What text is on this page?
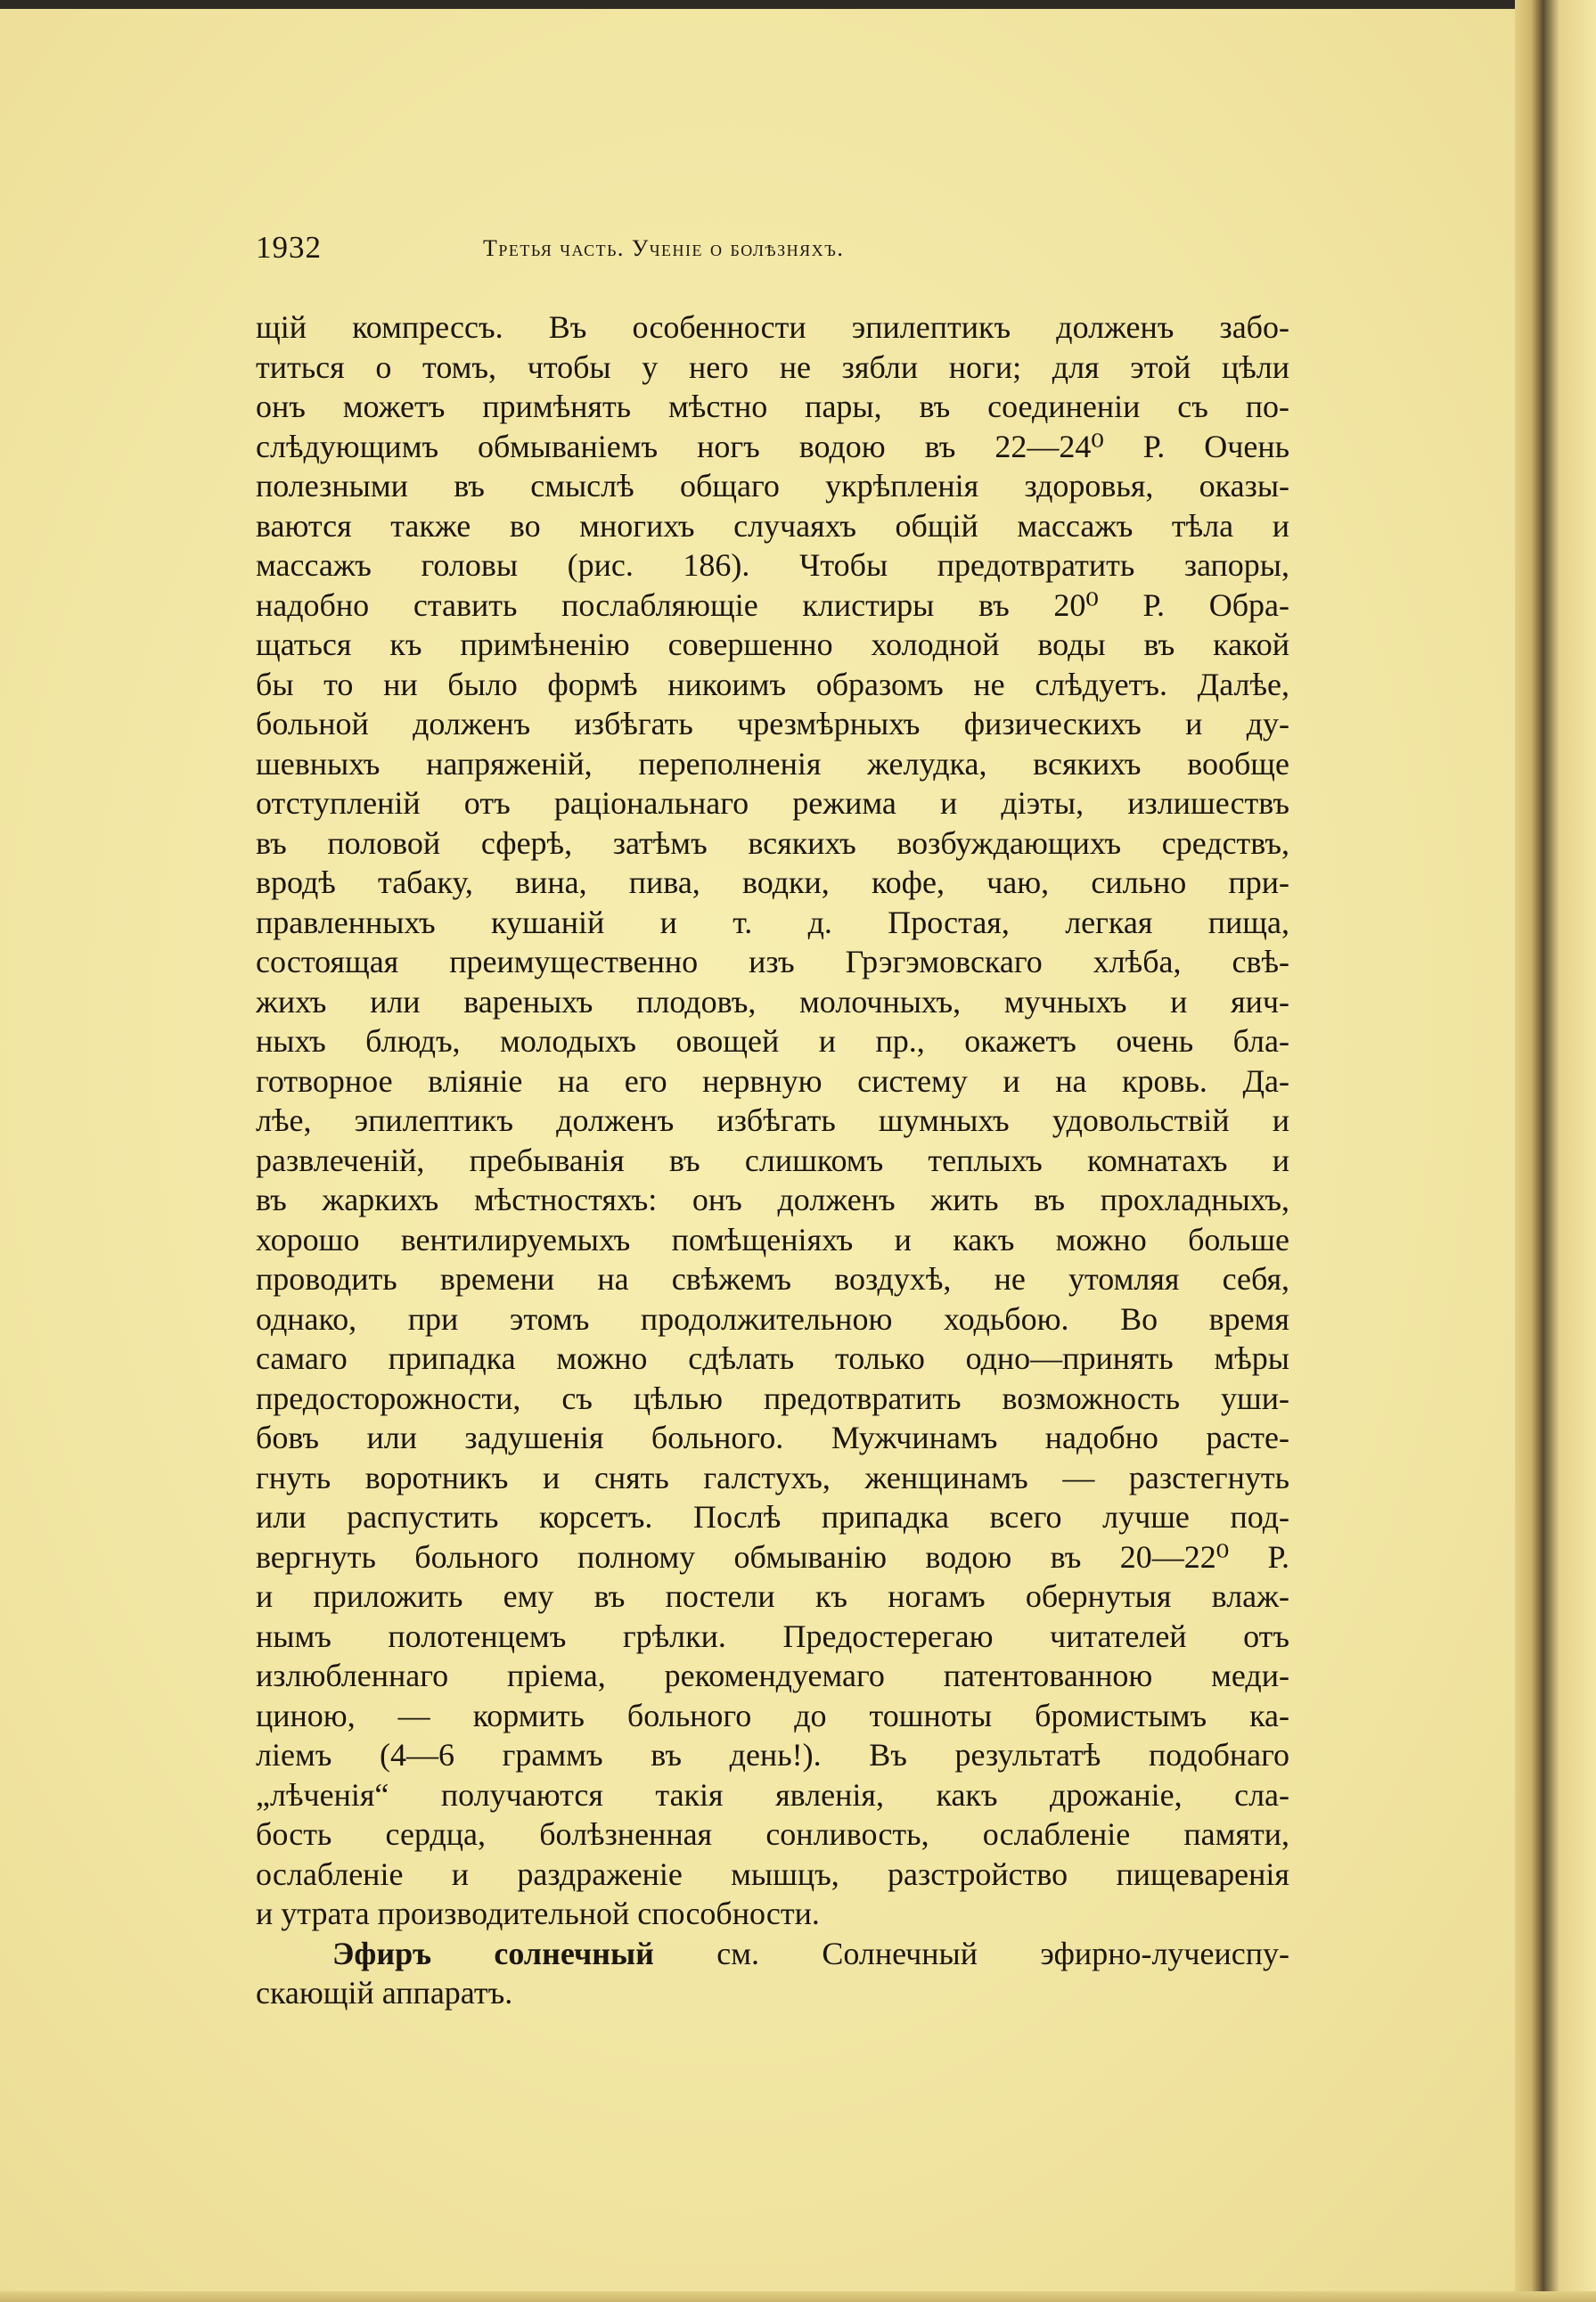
1932	Третья часть. Ученіе о болѣзняхъ.
щій компрессъ. Въ особенности эпилептикъ долженъ забо-
титься о томъ, чтобы у него не зябли ноги; для этой цѣли
онъ можетъ примѣнять мѣстно пары, въ соединеніи съ по-
слѣдующимъ обмываніемъ ногъ водою въ 22—24⁰ Р. Очень
полезными въ смыслѣ общаго укрѣпленія здоровья, оказы-
ваются также во многихъ случаяхъ общій массажъ тѣла и
массажъ головы (рис. 186). Чтобы предотвратить запоры,
надобно ставить послабляющіе клистиры въ 20⁰ Р. Обра-
щаться къ примѣненію совершенно холодной воды въ какой
бы то ни было формѣ никоимъ образомъ не слѣдуетъ. Далѣе,
больной долженъ избѣгать чрезмѣрныхъ физическихъ и ду-
шевныхъ напряженій, переполненія желудка, всякихъ вообще
отступленій отъ раціональнаго режима и діэты, излишествъ
въ половой сферѣ, затѣмъ всякихъ возбуждающихъ средствъ,
вродѣ табаку, вина, пива, водки, кофе, чаю, сильно при-
правленныхъ кушаній и т. д. Простая, легкая пища,
состоящая преимущественно изъ Грэгэмовскаго хлѣба, свѣ-
жихъ или вареныхъ плодовъ, молочныхъ, мучныхъ и яич-
ныхъ блюдъ, молодыхъ овощей и пр., окажетъ очень бла-
готворное вліяніе на его нервную систему и на кровь. Да-
лѣе, эпилептикъ долженъ избѣгать шумныхъ удовольствій и
развлеченій, пребыванія въ слишкомъ теплыхъ комнатахъ и
въ жаркихъ мѣстностяхъ: онъ долженъ жить въ прохладныхъ,
хорошо вентилируемыхъ помѣщеніяхъ и какъ можно больше
проводить времени на свѣжемъ воздухѣ, не утомляя себя,
однако, при этомъ продолжительною ходьбою. Во время
самаго припадка можно сдѣлать только одно—принять мѣры
предосторожности, съ цѣлью предотвратить возможность уши-
бовъ или задушенія больного. Мужчинамъ надобно расте-
гнуть воротникъ и снять галстухъ, женщинамъ — разстегнуть
или распустить корсетъ. Послѣ припадка всего лучше под-
вергнуть больного полному обмыванію водою въ 20—22⁰ Р.
и приложить ему въ постели къ ногамъ обернутыя влаж-
нымъ полотенцемъ грѣлки. Предостерегаю читателей отъ
излюбленнаго пріема, рекомендуемаго патентованною меди-
циною, — кормить больного до тошноты бромистымъ ка-
ліемъ (4—6 граммъ въ день!). Въ результатѣ подобнаго
„лѣченія“ получаются такія явленія, какъ дрожаніе, сла-
бость сердца, болѣзненная сонливость, ослабленіе памяти,
ослабленіе и раздраженіе мышцъ, разстройство пищеваренія
и утрата производительной способности.
Эфиръ солнечный см. Солнечный эфирно-лучеиспу-
скающій аппаратъ.
